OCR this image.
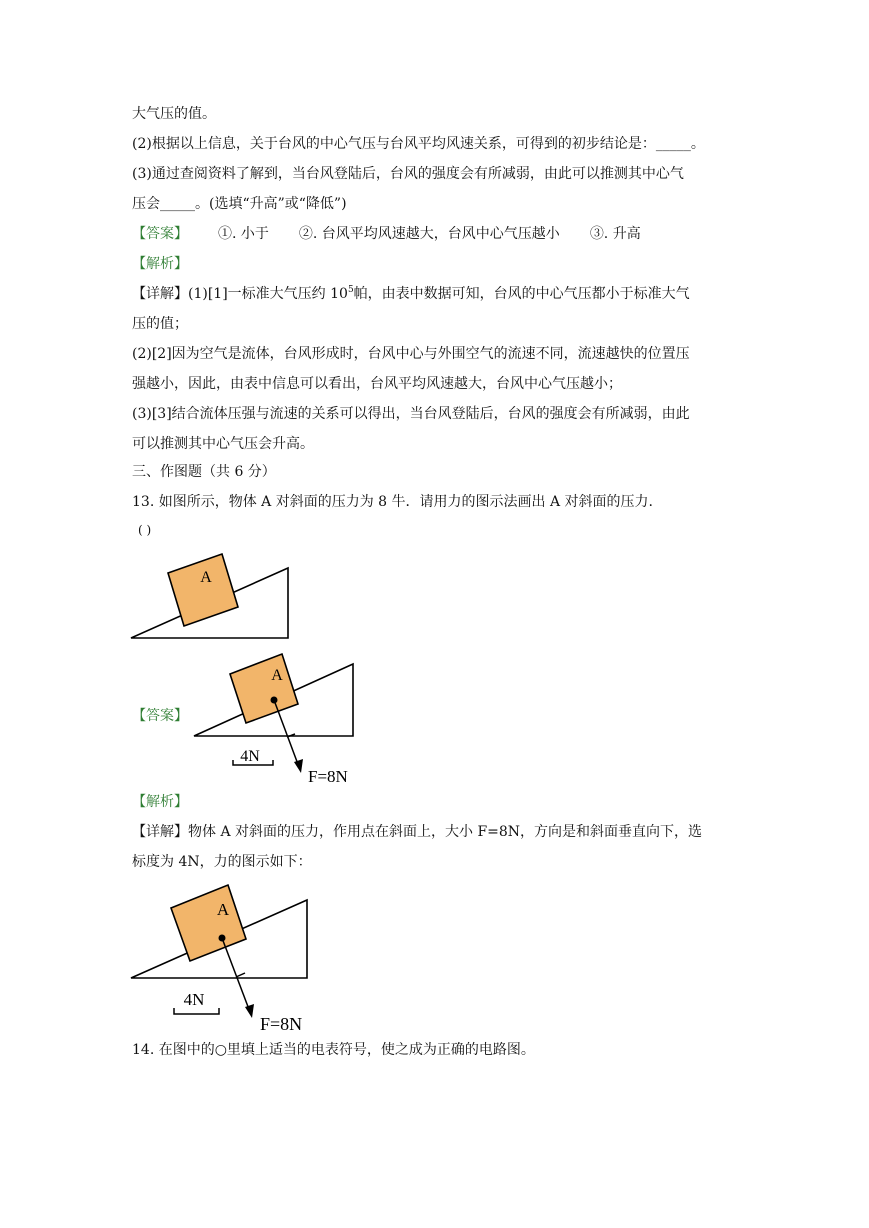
大气压的值。
(2)根据以上信息，关于台风的中心气压与台风平均风速关系，可得到的初步结论是：_____。
(3)通过查阅资料了解到，当台风登陆后，台风的强度会有所减弱，由此可以推测其中心气
压会_____。(选填“升高”或“降低”)
【答案】 ①. 小于 ②. 台风平均风速越大，台风中心气压越小 ③. 升高
【解析】
【详解】(1)[1]一标准大气压约 $10^5$帕，由表中数据可知，台风的中心气压都小于标准大气
压的值；
(2)[2]因为空气是流体，台风形成时，台风中心与外围空气的流速不同，流速越快的位置压
强越小，因此，由表中信息可以看出，台风平均风速越大，台风中心气压越小；
(3)[3]结合流体压强与流速的关系可以得出，当台风登陆后，台风的强度会有所减弱，由此
可以推测其中心气压会升高。
三、作图题（共 6 分）
13. 如图所示，物体 A 对斜面的压力为 8 牛．请用力的图示法画出 A 对斜面的压力.
( )
A
【答案】
A
4N
F=8N
【解析】
【详解】物体 A 对斜面的压力，作用点在斜面上，大小 F=8N，方向是和斜面垂直向下，选
标度为 4N，力的图示如下：
A
4N
F=8N
14. 在图中的○里填上适当的电表符号，使之成为正确的电路图。
